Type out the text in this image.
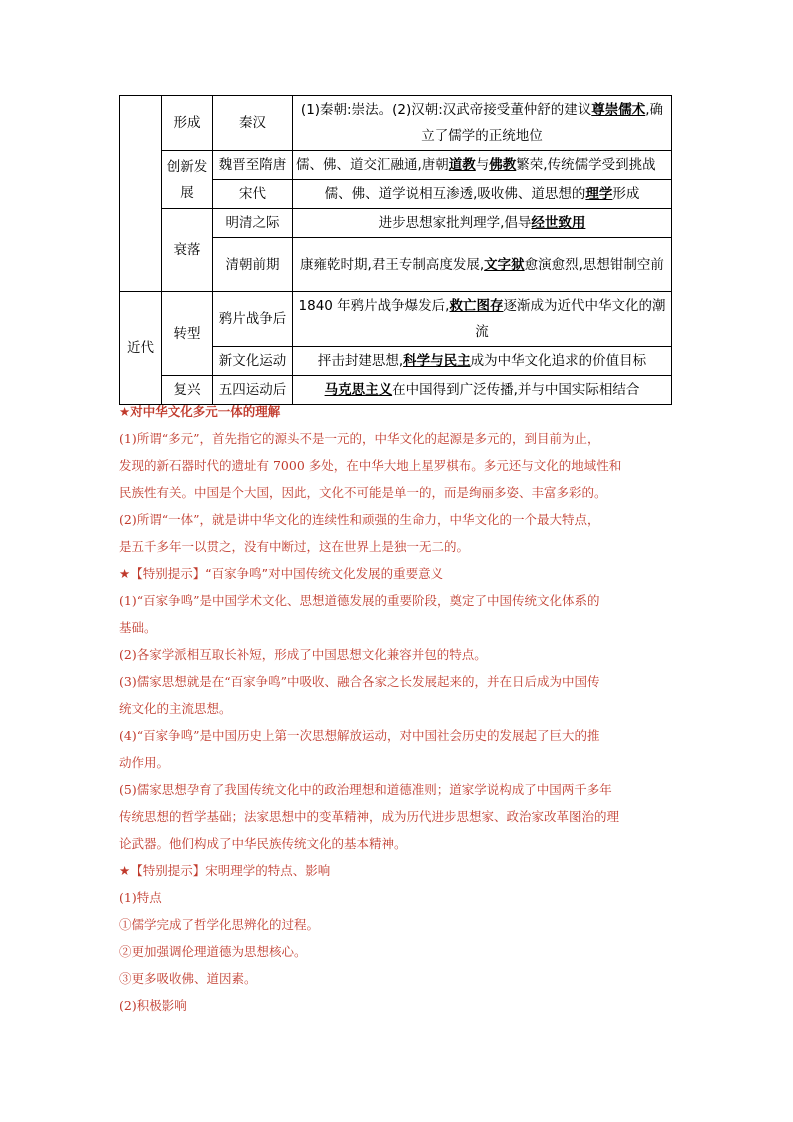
	形成	秦汉	(1)秦朝:崇法。(2)汉朝:汉武帝接受董仲舒的建议尊崇儒术,确立了儒学的正统地位
	创新发展	魏晋至隋唐	儒、佛、道交汇融通,唐朝道教与佛教繁荣,传统儒学受到挑战
		宋代	儒、佛、道学说相互渗透,吸收佛、道思想的理学形成
	衰落	明清之际	进步思想家批判理学,倡导经世致用
		清朝前期	康雍乾时期,君王专制高度发展,文字狱愈演愈烈,思想钳制空前
近代	转型	鸦片战争后	1840 年鸦片战争爆发后,救亡图存逐渐成为近代中华文化的潮流
		新文化运动	抨击封建思想,科学与民主成为中华文化追求的价值目标
	复兴	五四运动后	马克思主义在中国得到广泛传播,并与中国实际相结合
★对中华文化多元一体的理解
(1)所谓“多元”，首先指它的源头不是一元的，中华文化的起源是多元的，到目前为止，
发现的新石器时代的遗址有 7000 多处，在中华大地上星罗棋布。多元还与文化的地域性和
民族性有关。中国是个大国，因此，文化不可能是单一的，而是绚丽多姿、丰富多彩的。
(2)所谓“一体”，就是讲中华文化的连续性和顽强的生命力，中华文化的一个最大特点，
是五千多年一以贯之，没有中断过，这在世界上是独一无二的。
★【特别提示】“百家争鸣”对中国传统文化发展的重要意义
(1)“百家争鸣”是中国学术文化、思想道德发展的重要阶段，奠定了中国传统文化体系的
基础。
(2)各家学派相互取长补短，形成了中国思想文化兼容并包的特点。
(3)儒家思想就是在“百家争鸣”中吸收、融合各家之长发展起来的，并在日后成为中国传
统文化的主流思想。
(4)“百家争鸣”是中国历史上第一次思想解放运动，对中国社会历史的发展起了巨大的推
动作用。
(5)儒家思想孕育了我国传统文化中的政治理想和道德准则；道家学说构成了中国两千多年
传统思想的哲学基础；法家思想中的变革精神，成为历代进步思想家、政治家改革图治的理
论武器。他们构成了中华民族传统文化的基本精神。
★【特别提示】宋明理学的特点、影响
(1)特点
①儒学完成了哲学化思辨化的过程。
②更加强调伦理道德为思想核心。
③更多吸收佛、道因素。
(2)积极影响
